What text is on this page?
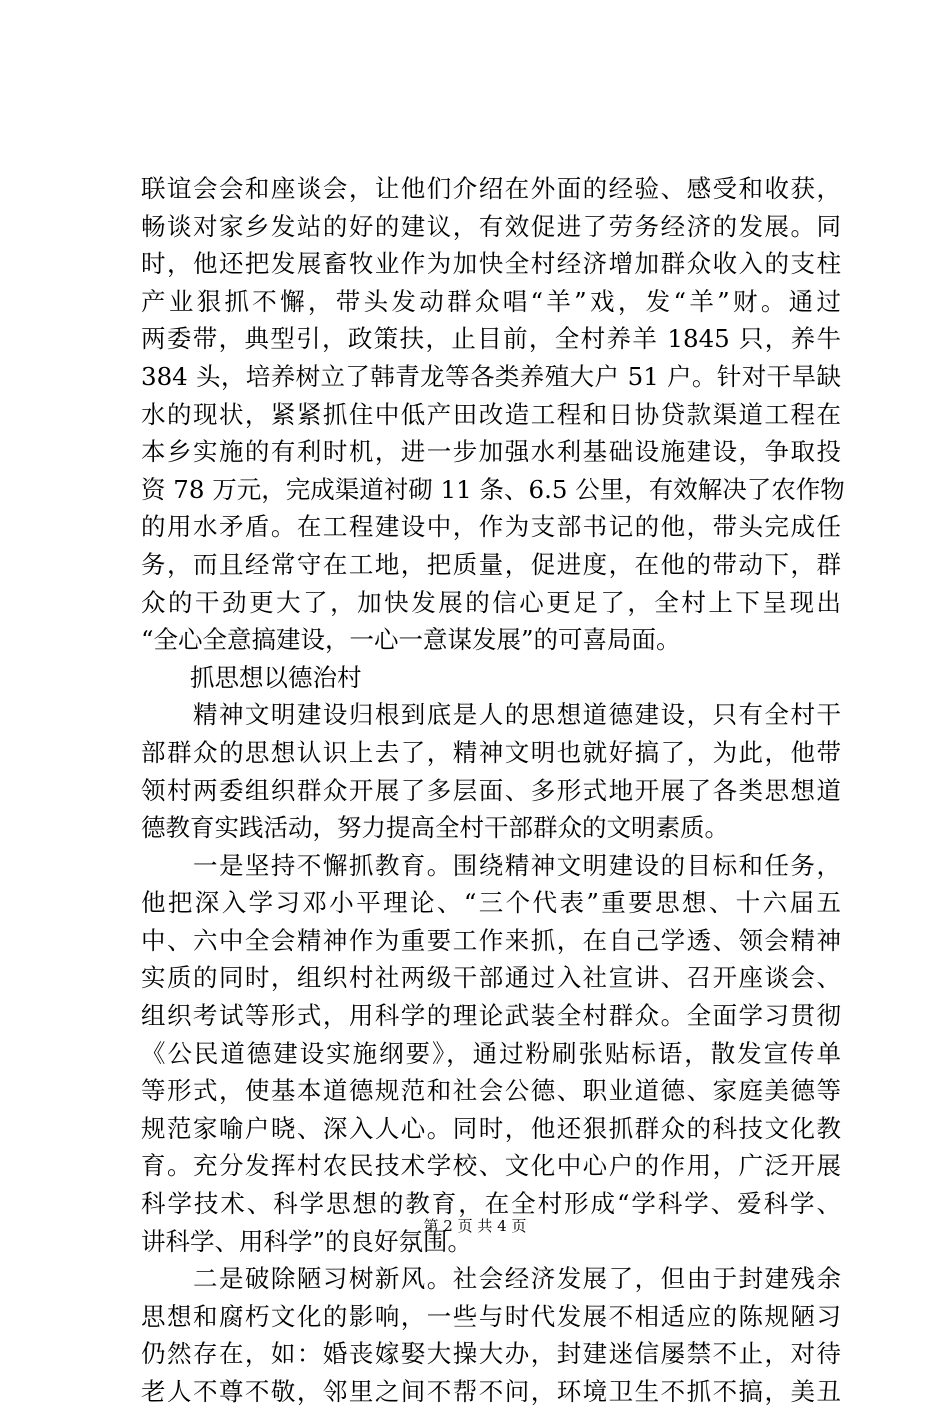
联谊会会和座谈会，让他们介绍在外面的经验、感受和收获，
畅谈对家乡发站的好的建议，有效促进了劳务经济的发展。同
时，他还把发展畜牧业作为加快全村经济增加群众收入的支柱
产业狠抓不懈，带头发动群众唱“羊”戏，发“羊”财。通过
两委带，典型引，政策扶，止目前，全村养羊 1845 只，养牛
384 头，培养树立了韩青龙等各类养殖大户 51 户。针对干旱缺
水的现状，紧紧抓住中低产田改造工程和日协贷款渠道工程在
本乡实施的有利时机，进一步加强水利基础设施建设，争取投
资 78 万元，完成渠道衬砌 11 条、6.5 公里，有效解决了农作物
的用水矛盾。在工程建设中，作为支部书记的他，带头完成任
务，而且经常守在工地，把质量，促进度，在他的带动下，群
众的干劲更大了，加快发展的信心更足了，全村上下呈现出
“全心全意搞建设，一心一意谋发展”的可喜局面。
　　抓思想以德治村
　　精神文明建设归根到底是人的思想道德建设，只有全村干
部群众的思想认识上去了，精神文明也就好搞了，为此，他带
领村两委组织群众开展了多层面、多形式地开展了各类思想道
德教育实践活动，努力提高全村干部群众的文明素质。
　　一是坚持不懈抓教育。围绕精神文明建设的目标和任务，
他把深入学习邓小平理论、“三个代表”重要思想、十六届五
中、六中全会精神作为重要工作来抓，在自己学透、领会精神
实质的同时，组织村社两级干部通过入社宣讲、召开座谈会、
组织考试等形式，用科学的理论武装全村群众。全面学习贯彻
《公民道德建设实施纲要》，通过粉刷张贴标语，散发宣传单
等形式，使基本道德规范和社会公德、职业道德、家庭美德等
规范家喻户晓、深入人心。同时，他还狠抓群众的科技文化教
育。充分发挥村农民技术学校、文化中心户的作用，广泛开展
科学技术、科学思想的教育，在全村形成“学科学、爱科学、
讲科学、用科学”的良好氛围。
　　二是破除陋习树新风。社会经济发展了，但由于封建残余
思想和腐朽文化的影响，一些与时代发展不相适应的陈规陋习
仍然存在，如：婚丧嫁娶大操大办，封建迷信屡禁不止，对待
老人不尊不敬，邻里之间不帮不问，环境卫生不抓不搞，美丑
第 2 页 共 4 页
